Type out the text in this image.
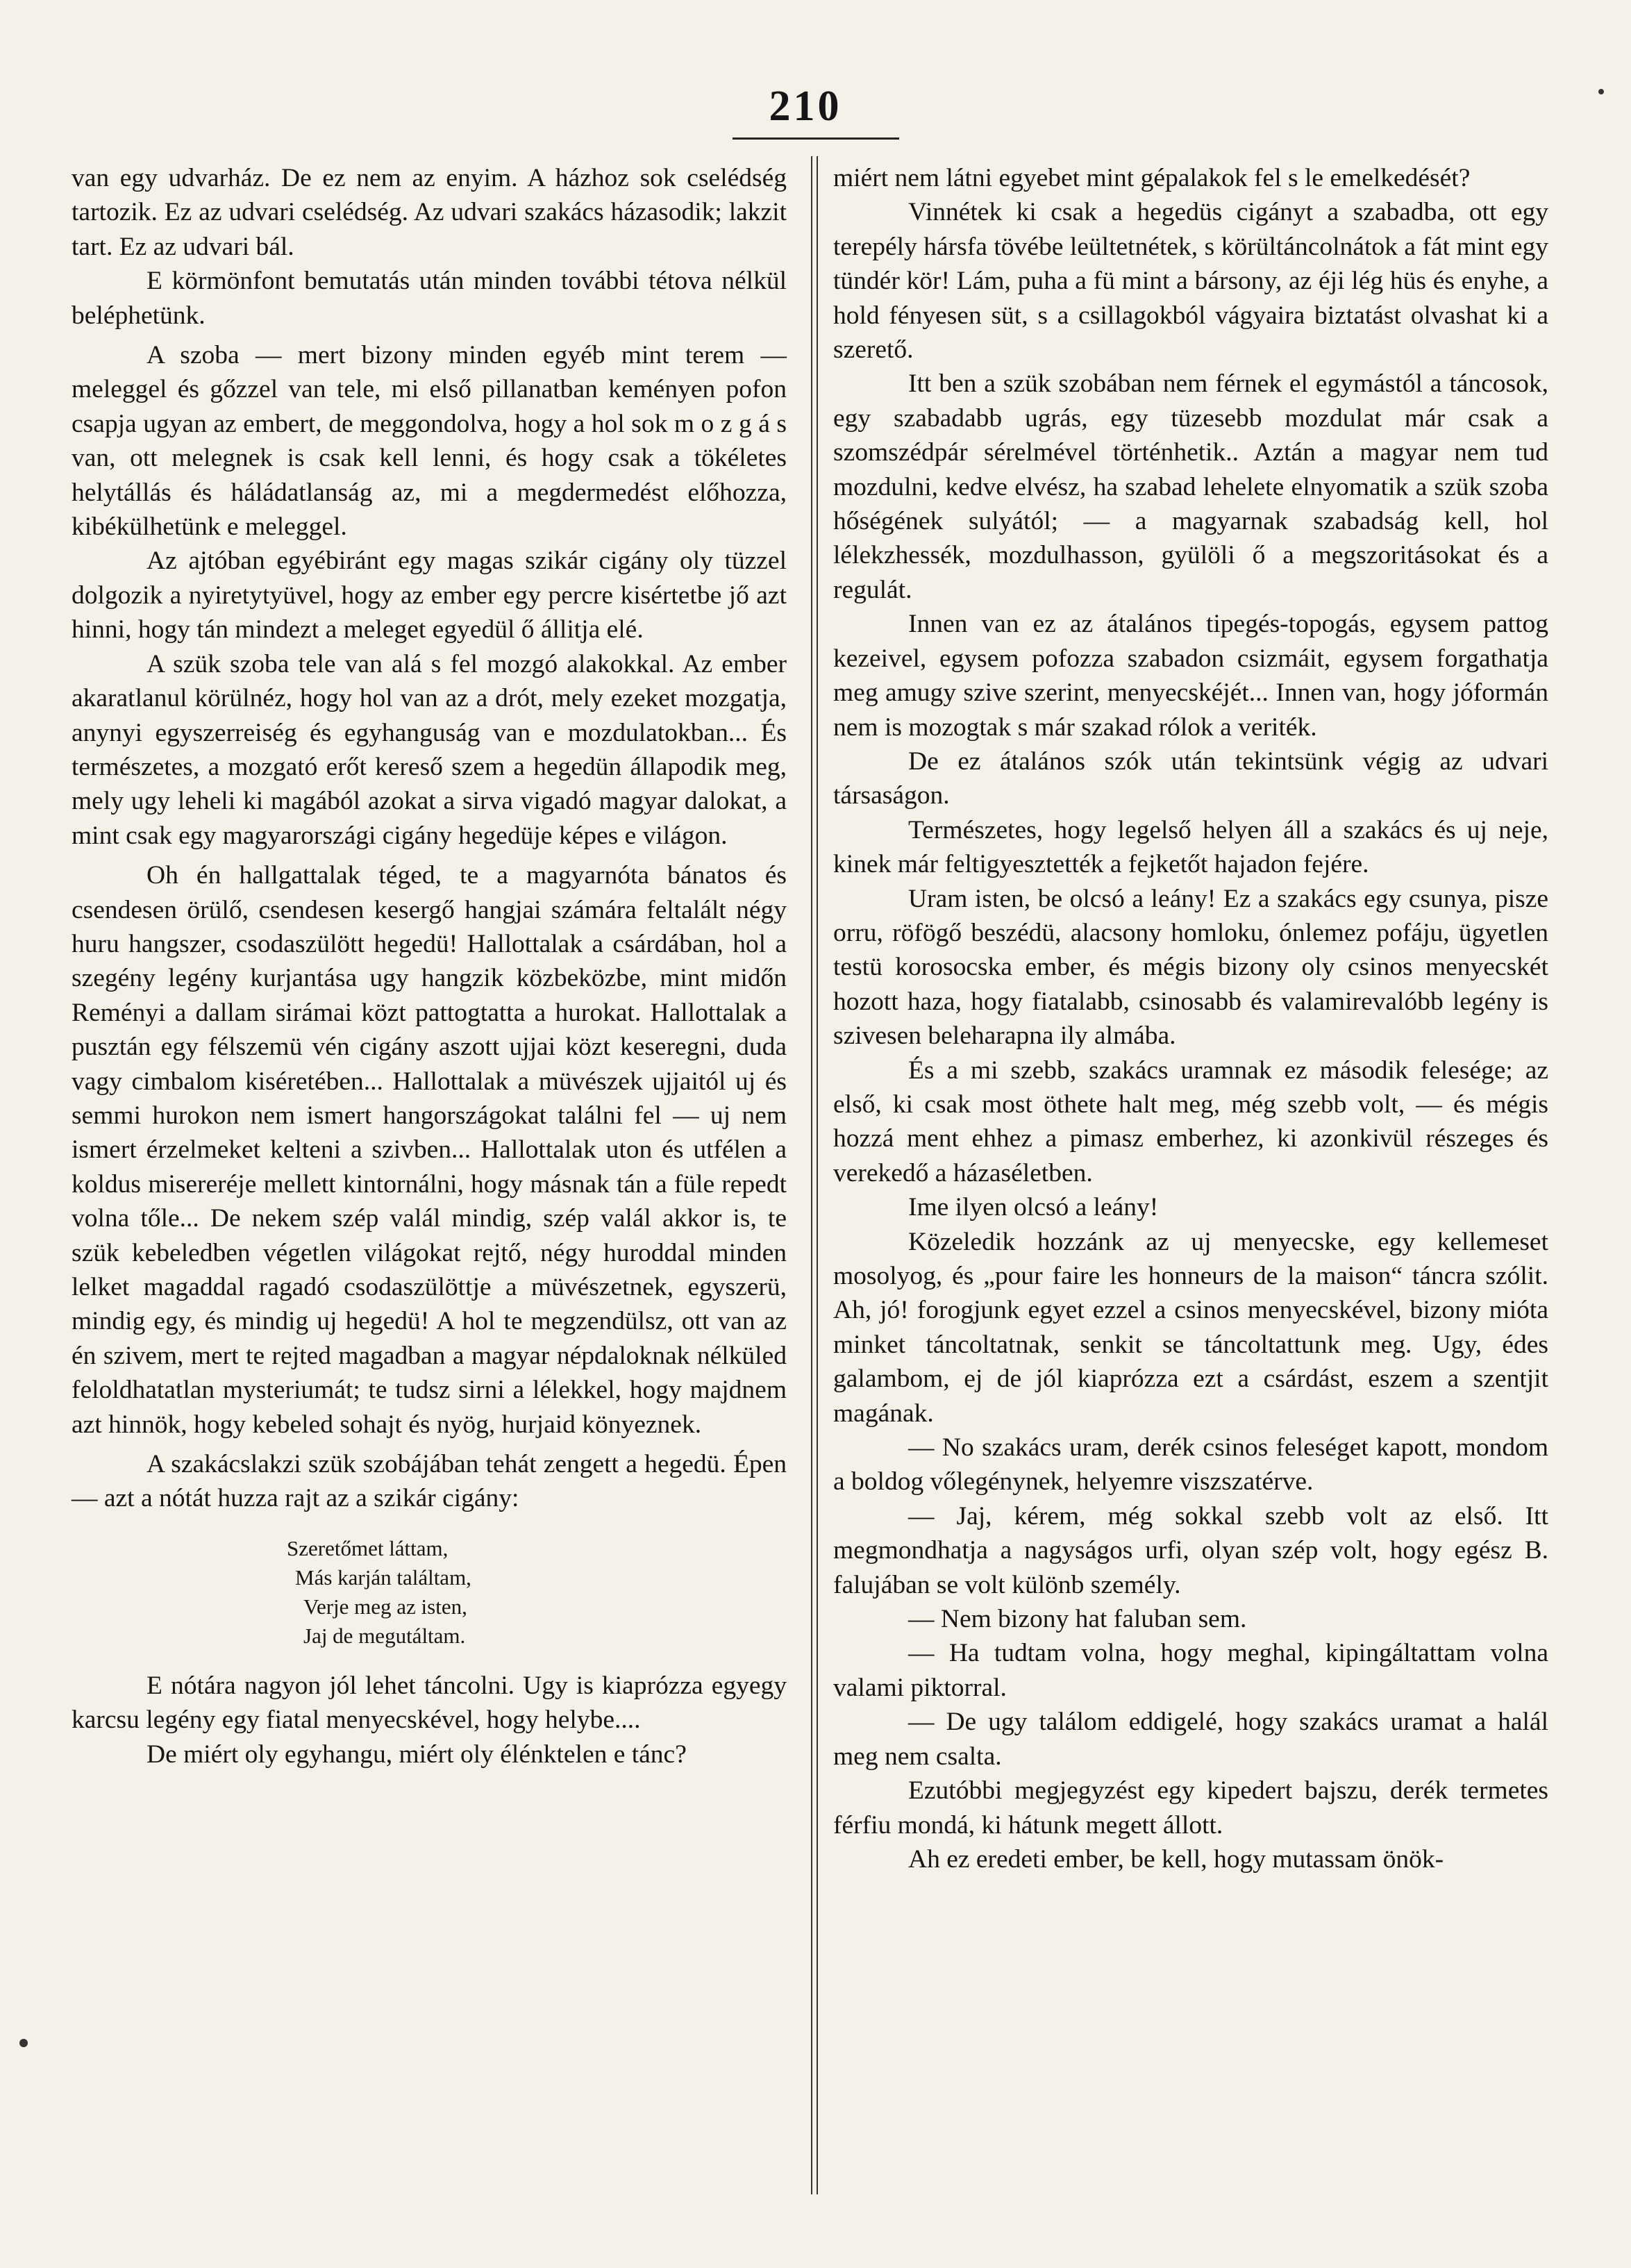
210

van egy udvarház. De ez nem az enyim. A házhoz sok cselédség tartozik. Ez az udvari cselédség. Az udvari szakács házasodik; lakzit tart. Ez az udvari bál.

E körmönfont bemutatás után minden további tétova nélkül beléphetünk.

A szoba — mert bizony minden egyéb mint terem — meleggel és gőzzel van tele, mi első pillanatban keményen pofon csapja ugyan az embert, de meggondolva, hogy a hol sok m o z g á s van, ott melegnek is csak kell lenni, és hogy csak a tökéletes helytállás és háládatlanság az, mi a megdermedést előhozza, kibékülhetünk e meleggel.

Az ajtóban egyébiránt egy magas szikár cigány oly tüzzel dolgozik a nyiretytyüvel, hogy az ember egy percre kisértetbe jő azt hinni, hogy tán mindezt a meleget egyedül ő állitja elé.

A szük szoba tele van alá s fel mozgó alakokkal. Az ember akaratlanul körülnéz, hogy hol van az a drót, mely ezeket mozgatja, anynyi egyszerreiség és egyhanguság van e mozdulatokban... És természetes, a mozgató erőt kereső szem a hegedün állapodik meg, mely ugy leheli ki magából azokat a sirva vigadó magyar dalokat, a mint csak egy magyarországi cigány hegedüje képes e világon.

Oh én hallgattalak téged, te a magyarnóta bánatos és csendesen örülő, csendesen kesergő hangjai számára feltalált négy huru hangszer, csodaszülött hegedü! Hallottalak a csárdában, hol a szegény legény kurjantása ugy hangzik közbeközbe, mint midőn Reményi a dallam sirámai közt pattogtatta a hurokat. Hallottalak a pusztán egy félszemü vén cigány aszott ujjai közt keseregni, duda vagy cimbalom kiséretében... Hallottalak a müvészek ujjaitól uj és semmi hurokon nem ismert hangországokat találni fel — uj nem ismert érzelmeket kelteni a szivben... Hallottalak uton és utfélen a koldus misereréje mellett kintornálni, hogy másnak tán a füle repedt volna tőle... De nekem szép valál mindig, szép valál akkor is, te szük kebeledben végetlen világokat rejtő, négy huroddal minden lelket magaddal ragadó csodaszülöttje a müvészetnek, egyszerü, mindig egy, és mindig uj hegedü! A hol te megzendülsz, ott van az én szivem, mert te rejted magadban a magyar népdaloknak nélküled feloldhatatlan mysteriumát; te tudsz sirni a lélekkel, hogy majdnem azt hinnök, hogy kebeled sohajt és nyög, hurjaid könyeznek.

A szakácslakzi szük szobájában tehát zengett a hegedü. Épen — azt a nótát huzza rajt az a szikár cigány:

Szeretőmet láttam,
Más karján találtam,
Verje meg az isten,
Jaj de megutáltam.

E nótára nagyon jól lehet táncolni. Ugy is kiaprózza egyegy karcsu legény egy fiatal menyecskével, hogy helybe....

De miért oly egyhangu, miért oly élénktelen e tánc?

miért nem látni egyebet mint gépalakok fel s le emelkedését?

Vinnétek ki csak a hegedüs cigányt a szabadba, ott egy terepély hársfa tövébe leültetnétek, s körültáncolnátok a fát mint egy tündér kör! Lám, puha a fü mint a bársony, az éji lég hüs és enyhe, a hold fényesen süt, s a csillagokból vágyaira biztatást olvashat ki a szerető.

Itt ben a szük szobában nem férnek el egymástól a táncosok, egy szabadabb ugrás, egy tüzesebb mozdulat már csak a szomszédpár sérelmével történhetik.. Aztán a magyar nem tud mozdulni, kedve elvész, ha szabad lehelete elnyomatik a szük szoba hőségének sulyától; — a magyarnak szabadság kell, hol lélekzhessék, mozdulhasson, gyülöli ő a megszoritásokat és a regulát.

Innen van ez az átalános tipegés-topogás, egysem pattog kezeivel, egysem pofozza szabadon csizmáit, egysem forgathatja meg amugy szive szerint, menyecskéjét... Innen van, hogy jóformán nem is mozogtak s már szakad rólok a veriték.

De ez átalános szók után tekintsünk végig az udvari társaságon.

Természetes, hogy legelső helyen áll a szakács és uj neje, kinek már feltigyesztették a fejketőt hajadon fejére.

Uram isten, be olcsó a leány! Ez a szakács egy csunya, pisze orru, röfögő beszédü, alacsony homloku, ónlemez pofáju, ügyetlen testü korosocska ember, és mégis bizony oly csinos menyecskét hozott haza, hogy fiatalabb, csinosabb és valamirevalóbb legény is szivesen beleharapna ily almába.

És a mi szebb, szakács uramnak ez második felesége; az első, ki csak most öthete halt meg, még szebb volt, — és mégis hozzá ment ehhez a pimasz emberhez, ki azonkivül részeges és verekedő a házaséletben.

Ime ilyen olcsó a leány!

Közeledik hozzánk az uj menyecske, egy kellemeset mosolyog, és „pour faire les honneurs de la maison“ táncra szólit. Ah, jó! forogjunk egyet ezzel a csinos menyecskével, bizony mióta minket táncoltatnak, senkit se táncoltattunk meg. Ugy, édes galambom, ej de jól kiaprózza ezt a csárdást, eszem a szentjit magának.

— No szakács uram, derék csinos feleséget kapott, mondom a boldog vőlegénynek, helyemre viszszatérve.

— Jaj, kérem, még sokkal szebb volt az első. Itt megmondhatja a nagyságos urfi, olyan szép volt, hogy egész B. falujában se volt különb személy.

— Nem bizony hat faluban sem.

— Ha tudtam volna, hogy meghal, kipingáltattam volna valami piktorral.

— De ugy találom eddigelé, hogy szakács uramat a halál meg nem csalta.

Ezutóbbi megjegyzést egy kipedert bajszu, derék termetes férfiu mondá, ki hátunk megett állott.

Ah ez eredeti ember, be kell, hogy mutassam önök-
